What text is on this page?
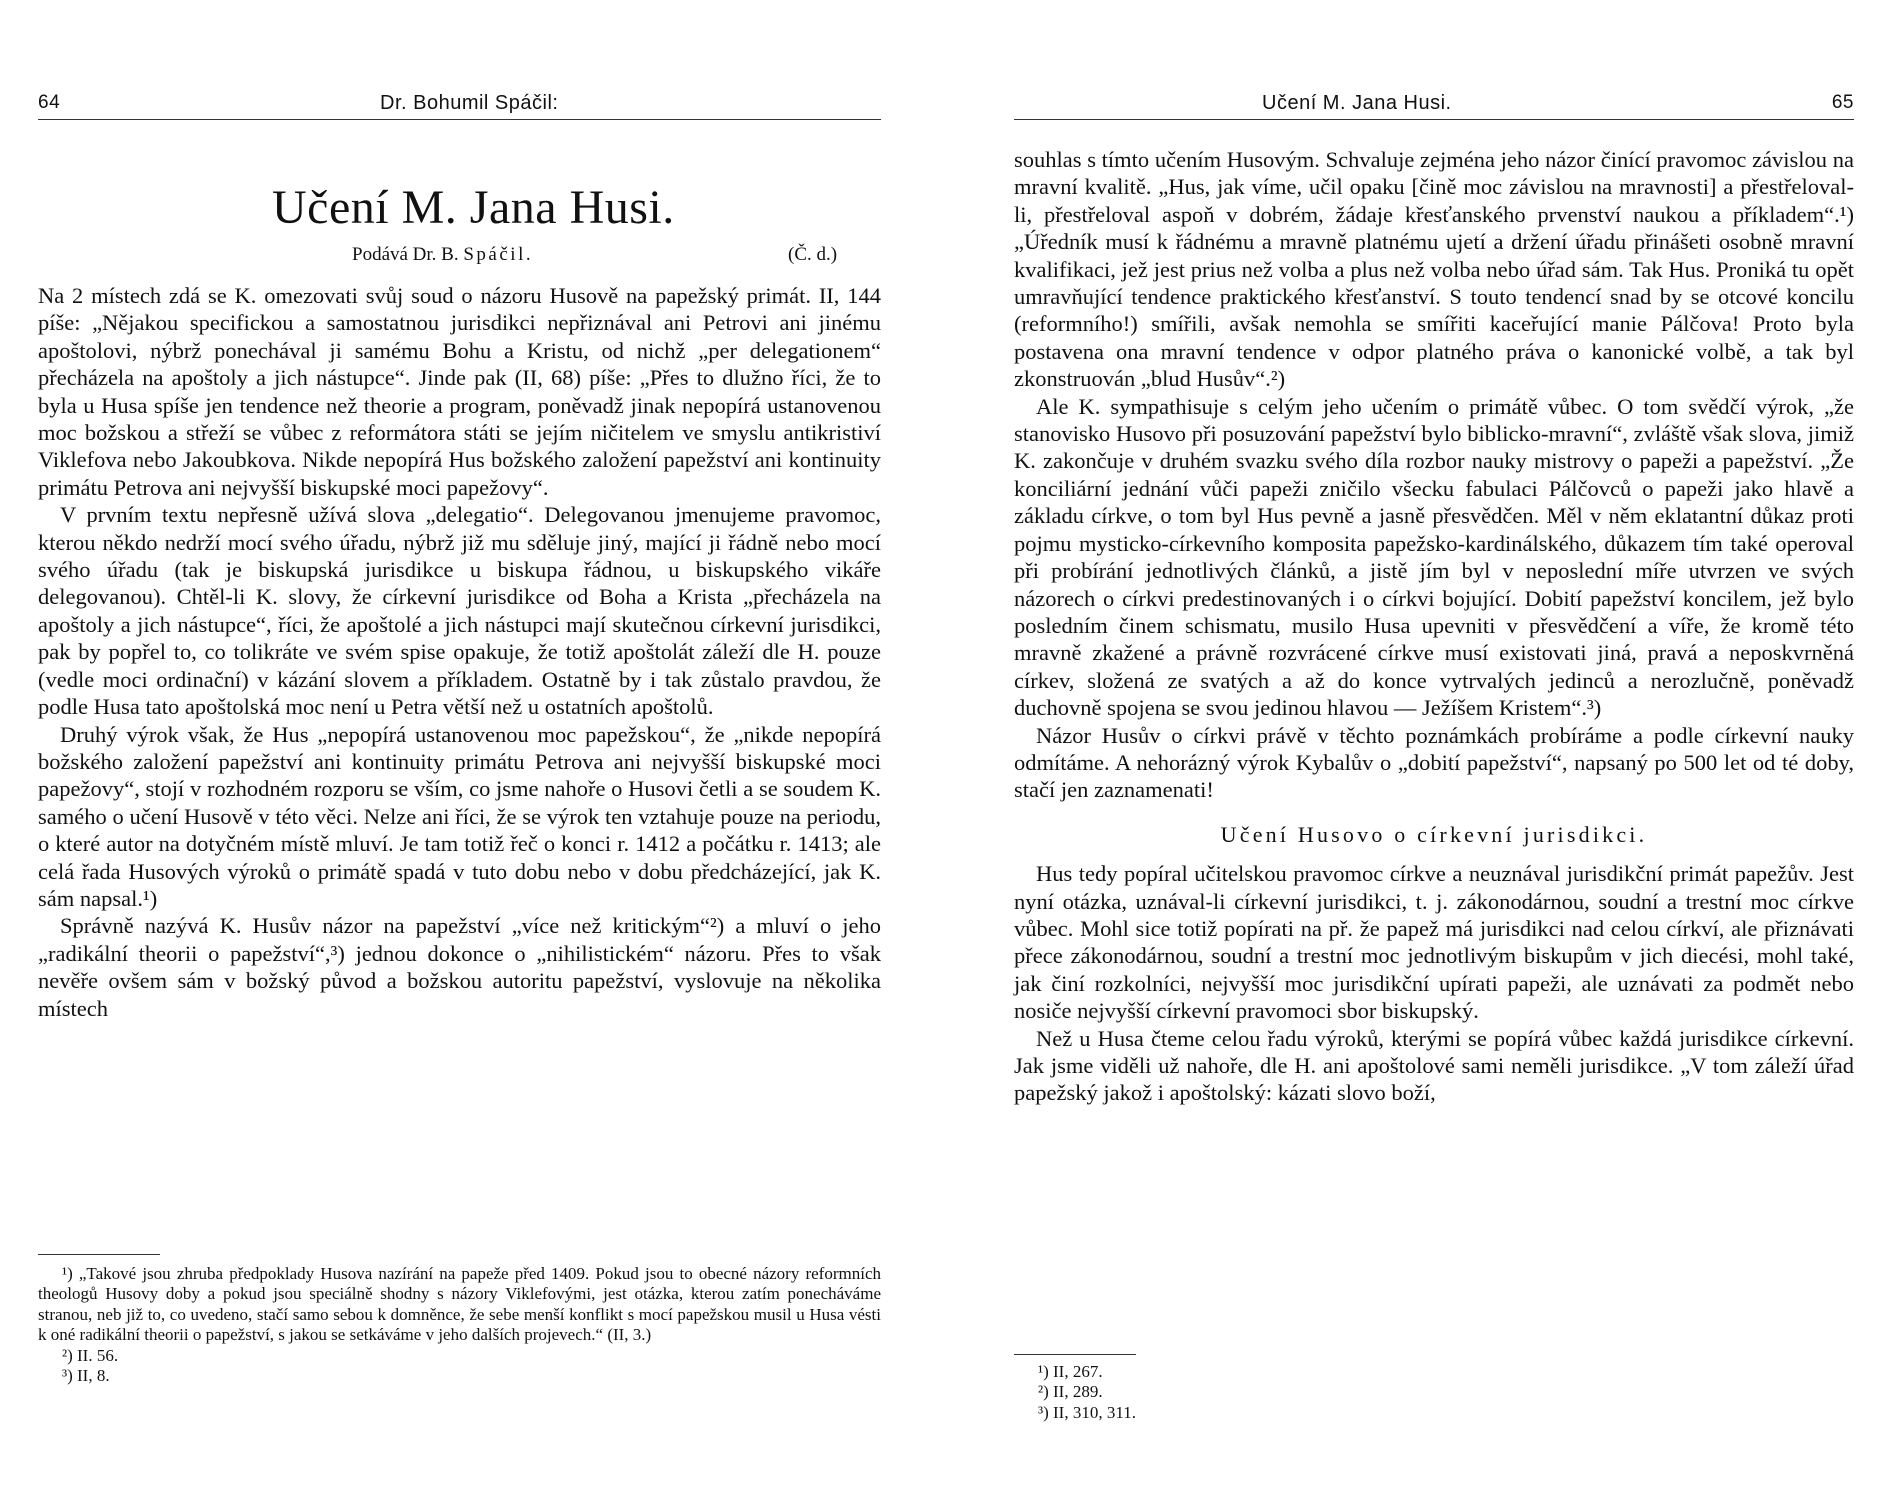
64	Dr. Bohumil Spáčil:
Učení M. Jana Husi.
Podává Dr. B. Spáčil.	(Č. d.)

Na 2 místech zdá se K. omezovati svůj soud o názoru Husově na papežský primát. II, 144 píše: „Nějakou specifickou a samostatnou jurisdikci nepřiznával ani Petrovi ani jinému apoštolovi, nýbrž ponechával ji samému Bohu a Kristu, od nichž „per delegationem“ přecházela na apoštoly a jich nástupce“. Jinde pak (II, 68) píše: „Přes to dlužno říci, že to byla u Husa spíše jen tendence než theorie a program, poněvadž jinak nepopírá ustanovenou moc božskou a střeží se vůbec z reformátora státi se jejím ničitelem ve smyslu antikristiví Viklefova nebo Jakoubkova. Nikde nepopírá Hus božského založení papežství ani kontinuity primátu Petrova ani nejvyšší biskupské moci papežovy“.

V prvním textu nepřesně užívá slova „delegatio“. Delegovanou jmenujeme pravomoc, kterou někdo nedrží mocí svého úřadu, nýbrž již mu sděluje jiný, mající ji řádně nebo mocí svého úřadu (tak je biskupská jurisdikce u biskupa řádnou, u biskupského vikáře delegovanou). Chtěl-li K. slovy, že církevní jurisdikce od Boha a Krista „přecházela na apoštoly a jich nástupce“, říci, že apoštolé a jich nástupci mají skutečnou církevní jurisdikci, pak by popřel to, co tolikráte ve svém spise opakuje, že totiž apoštolát záleží dle H. pouze (vedle moci ordinační) v kázání slovem a příkladem. Ostatně by i tak zůstalo pravdou, že podle Husa tato apoštolská moc není u Petra větší než u ostatních apoštolů.

Druhý výrok však, že Hus „nepopírá ustanovenou moc papežskou“, že „nikde nepopírá božského založení papežství ani kontinuity primátu Petrova ani nejvyšší biskupské moci papežovy“, stojí v rozhodném rozporu se vším, co jsme nahoře o Husovi četli a se soudem K. samého o učení Husově v této věci. Nelze ani říci, že se výrok ten vztahuje pouze na periodu, o které autor na dotyčném místě mluví. Je tam totiž řeč o konci r. 1412 a počátku r. 1413; ale celá řada Husových výroků o primátě spadá v tuto dobu nebo v dobu předcházející, jak K. sám napsal.¹)

Správně nazývá K. Husův názor na papežství „více než kritickým“²) a mluví o jeho „radikální theorii o papežství“,³) jednou dokonce o „nihilistickém“ názoru. Přes to však nevěře ovšem sám v božský původ a božskou autoritu papežství, vyslovuje na několika místech

¹) „Takové jsou zhruba předpoklady Husova nazírání na papeže před 1409. Pokud jsou to obecné názory reformních theologů Husovy doby a pokud jsou speciálně shodny s názory Viklefovými, jest otázka, kterou zatím ponecháváme stranou, neb již to, co uvedeno, stačí samo sebou k domněnce, že sebe menší konflikt s mocí papežskou musil u Husa vésti k oné radikální theorii o papežství, s jakou se setkáváme v jeho dalších projevech.“ (II, 3.)

²) II. 56.

³) II, 8.

Učení M. Jana Husi.	65

souhlas s tímto učením Husovým. Schvaluje zejména jeho názor činící pravomoc závislou na mravní kvalitě. „Hus, jak víme, učil opaku [čině moc závislou na mravnosti] a přestřeloval-li, přestřeloval aspoň v dobrém, žádaje křesťanského prvenství naukou a příkladem“.¹) „Úředník musí k řádnému a mravně platnému ujetí a držení úřadu přinášeti osobně mravní kvalifikaci, jež jest prius než volba a plus než volba nebo úřad sám. Tak Hus. Proniká tu opět umravňující tendence praktického křesťanství. S touto tendencí snad by se otcové koncilu (reformního!) smířili, avšak nemohla se smířiti kaceřující manie Pálčova! Proto byla postavena ona mravní tendence v odpor platného práva o kanonické volbě, a tak byl zkonstruován „blud Husův“.²)

Ale K. sympathisuje s celým jeho učením o primátě vůbec. O tom svědčí výrok, „že stanovisko Husovo při posuzování papežství bylo biblicko-mravní“, zvláště však slova, jimiž K. zakončuje v druhém svazku svého díla rozbor nauky mistrovy o papeži a papežství. „Že konciliární jednání vůči papeži zničilo všecku fabulaci Pálčovců o papeži jako hlavě a základu církve, o tom byl Hus pevně a jasně přesvědčen. Měl v něm eklatantní důkaz proti pojmu mysticko-církevního komposita papežsko-kardinálského, důkazem tím také operoval při probírání jednotlivých článků, a jistě jím byl v neposlední míře utvrzen ve svých názorech o církvi predestinovaných i o církvi bojující. Dobití papežství koncilem, jež bylo posledním činem schismatu, musilo Husa upevniti v přesvědčení a víře, že kromě této mravně zkažené a právně rozvrácené církve musí existovati jiná, pravá a neposkvrněná církev, složená ze svatých a až do konce vytrvalých jedinců a nerozlučně, poněvadž duchovně spojena se svou jedinou hlavou — Ježíšem Kristem“.³)

Názor Husův o církvi právě v těchto poznámkách probíráme a podle církevní nauky odmítáme. A nehorázný výrok Kybalův o „dobití papežství“, napsaný po 500 let od té doby, stačí jen zaznamenati!

Učení Husovo o církevní jurisdikci.

Hus tedy popíral učitelskou pravomoc církve a neuznával jurisdikční primát papežův. Jest nyní otázka, uznával-li církevní jurisdikci, t. j. zákonodárnou, soudní a trestní moc církve vůbec. Mohl sice totiž popírati na př. že papež má jurisdikci nad celou církví, ale přiznávati přece zákonodárnou, soudní a trestní moc jednotlivým biskupům v jich diecési, mohl také, jak činí rozkolníci, nejvyšší moc jurisdikční upírati papeži, ale uznávati za podmět nebo nosiče nejvyšší církevní pravomoci sbor biskupský.

Než u Husa čteme celou řadu výroků, kterými se popírá vůbec každá jurisdikce církevní. Jak jsme viděli už nahoře, dle H. ani apoštolové sami neměli jurisdikce. „V tom záleží úřad papežský jakož i apoštolský: kázati slovo boží,

¹) II, 267.

²) II, 289.

³) II, 310, 311.
